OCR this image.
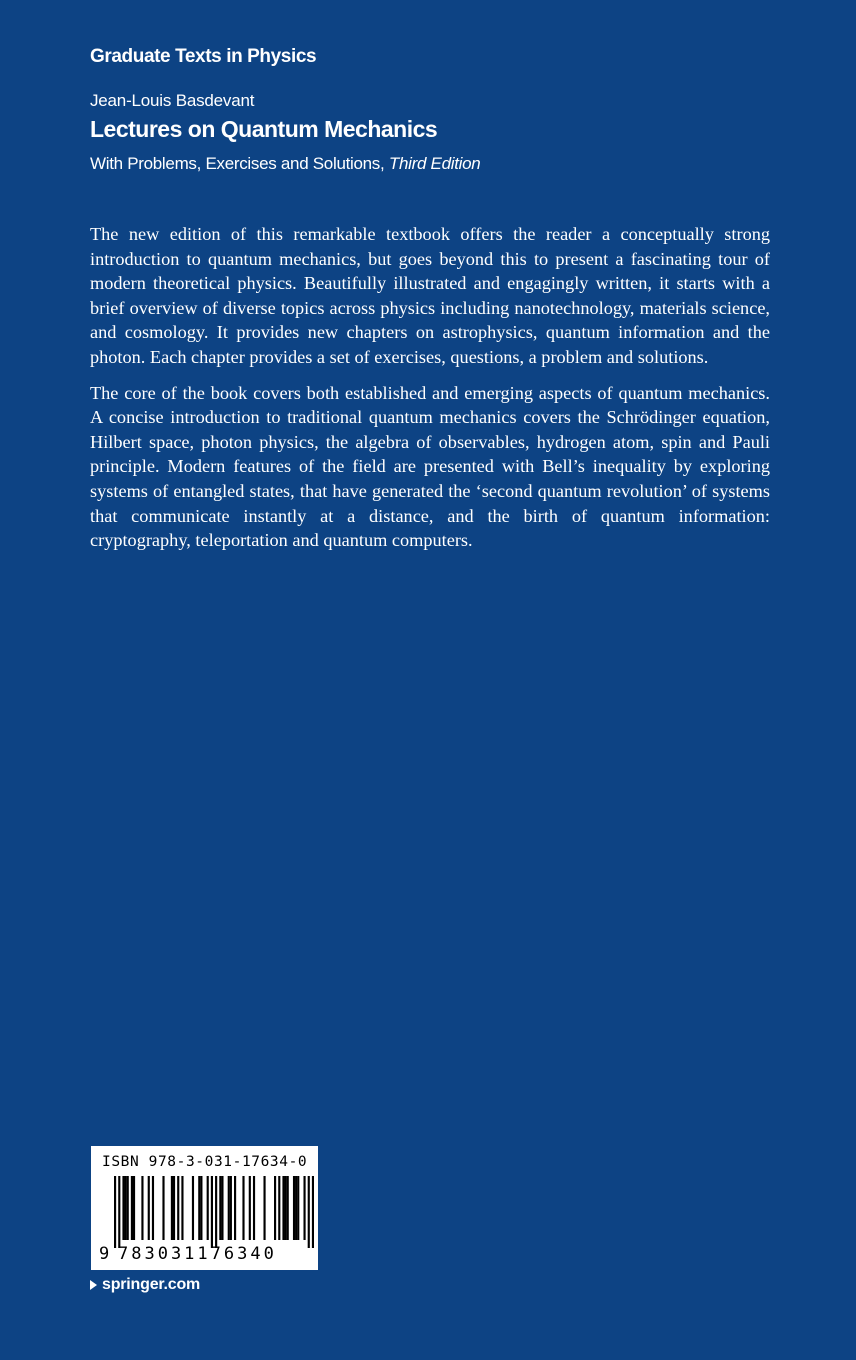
Graduate Texts in Physics
Jean-Louis Basdevant
Lectures on Quantum Mechanics
With Problems, Exercises and Solutions, Third Edition

The new edition of this remarkable textbook offers the reader a conceptually strong introduction to quantum mechanics, but goes beyond this to present a fascinating tour of modern theoretical physics. Beautifully illustrated and engagingly written, it starts with a brief overview of diverse topics across physics including nanotechnology, materials science, and cosmology. It provides new chapters on astrophysics, quantum information and the photon. Each chapter provides a set of exercises, questions, a problem and solutions.

The core of the book covers both established and emerging aspects of quantum mechanics. A concise introduction to traditional quantum mechanics covers the Schrödinger equation, Hilbert space, photon physics, the algebra of observables, hydrogen atom, spin and Pauli principle. Modern features of the field are presented with Bell’s inequality by exploring systems of entangled states, that have generated the ‘second quantum revolution’ of systems that communicate instantly at a distance, and the birth of quantum information: cryptography, teleportation and quantum computers.

ISBN 978-3-031-17634-0
9 783031176340
springer.com
